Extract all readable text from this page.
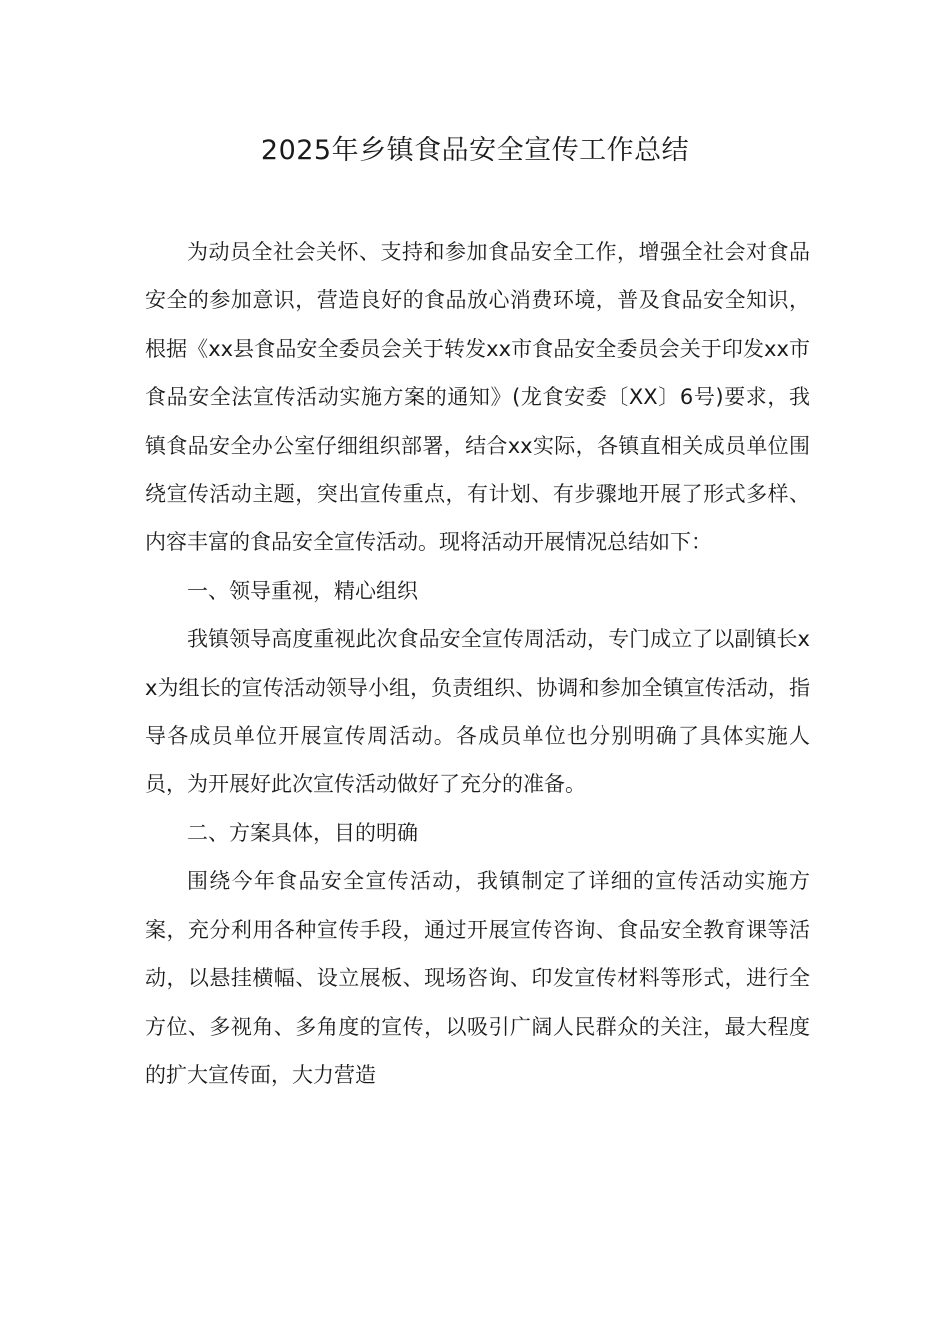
2025年乡镇食品安全宣传工作总结

为动员全社会关怀、支持和参加食品安全工作，增强全社会对食品安全的参加意识，营造良好的食品放心消费环境，普及食品安全知识，根据《xx县食品安全委员会关于转发xx市食品安全委员会关于印发xx市食品安全法宣传活动实施方案的通知》(龙食安委〔XX〕6号)要求，我镇食品安全办公室仔细组织部署，结合xx实际，各镇直相关成员单位围绕宣传活动主题，突出宣传重点，有计划、有步骤地开展了形式多样、内容丰富的食品安全宣传活动。现将活动开展情况总结如下：

一、领导重视，精心组织

我镇领导高度重视此次食品安全宣传周活动，专门成立了以副镇长xx为组长的宣传活动领导小组，负责组织、协调和参加全镇宣传活动，指导各成员单位开展宣传周活动。各成员单位也分别明确了具体实施人员，为开展好此次宣传活动做好了充分的准备。

二、方案具体，目的明确

围绕今年食品安全宣传活动，我镇制定了详细的宣传活动实施方案，充分利用各种宣传手段，通过开展宣传咨询、食品安全教育课等活动，以悬挂横幅、设立展板、现场咨询、印发宣传材料等形式，进行全方位、多视角、多角度的宣传，以吸引广阔人民群众的关注，最大程度的扩大宣传面，大力营造
